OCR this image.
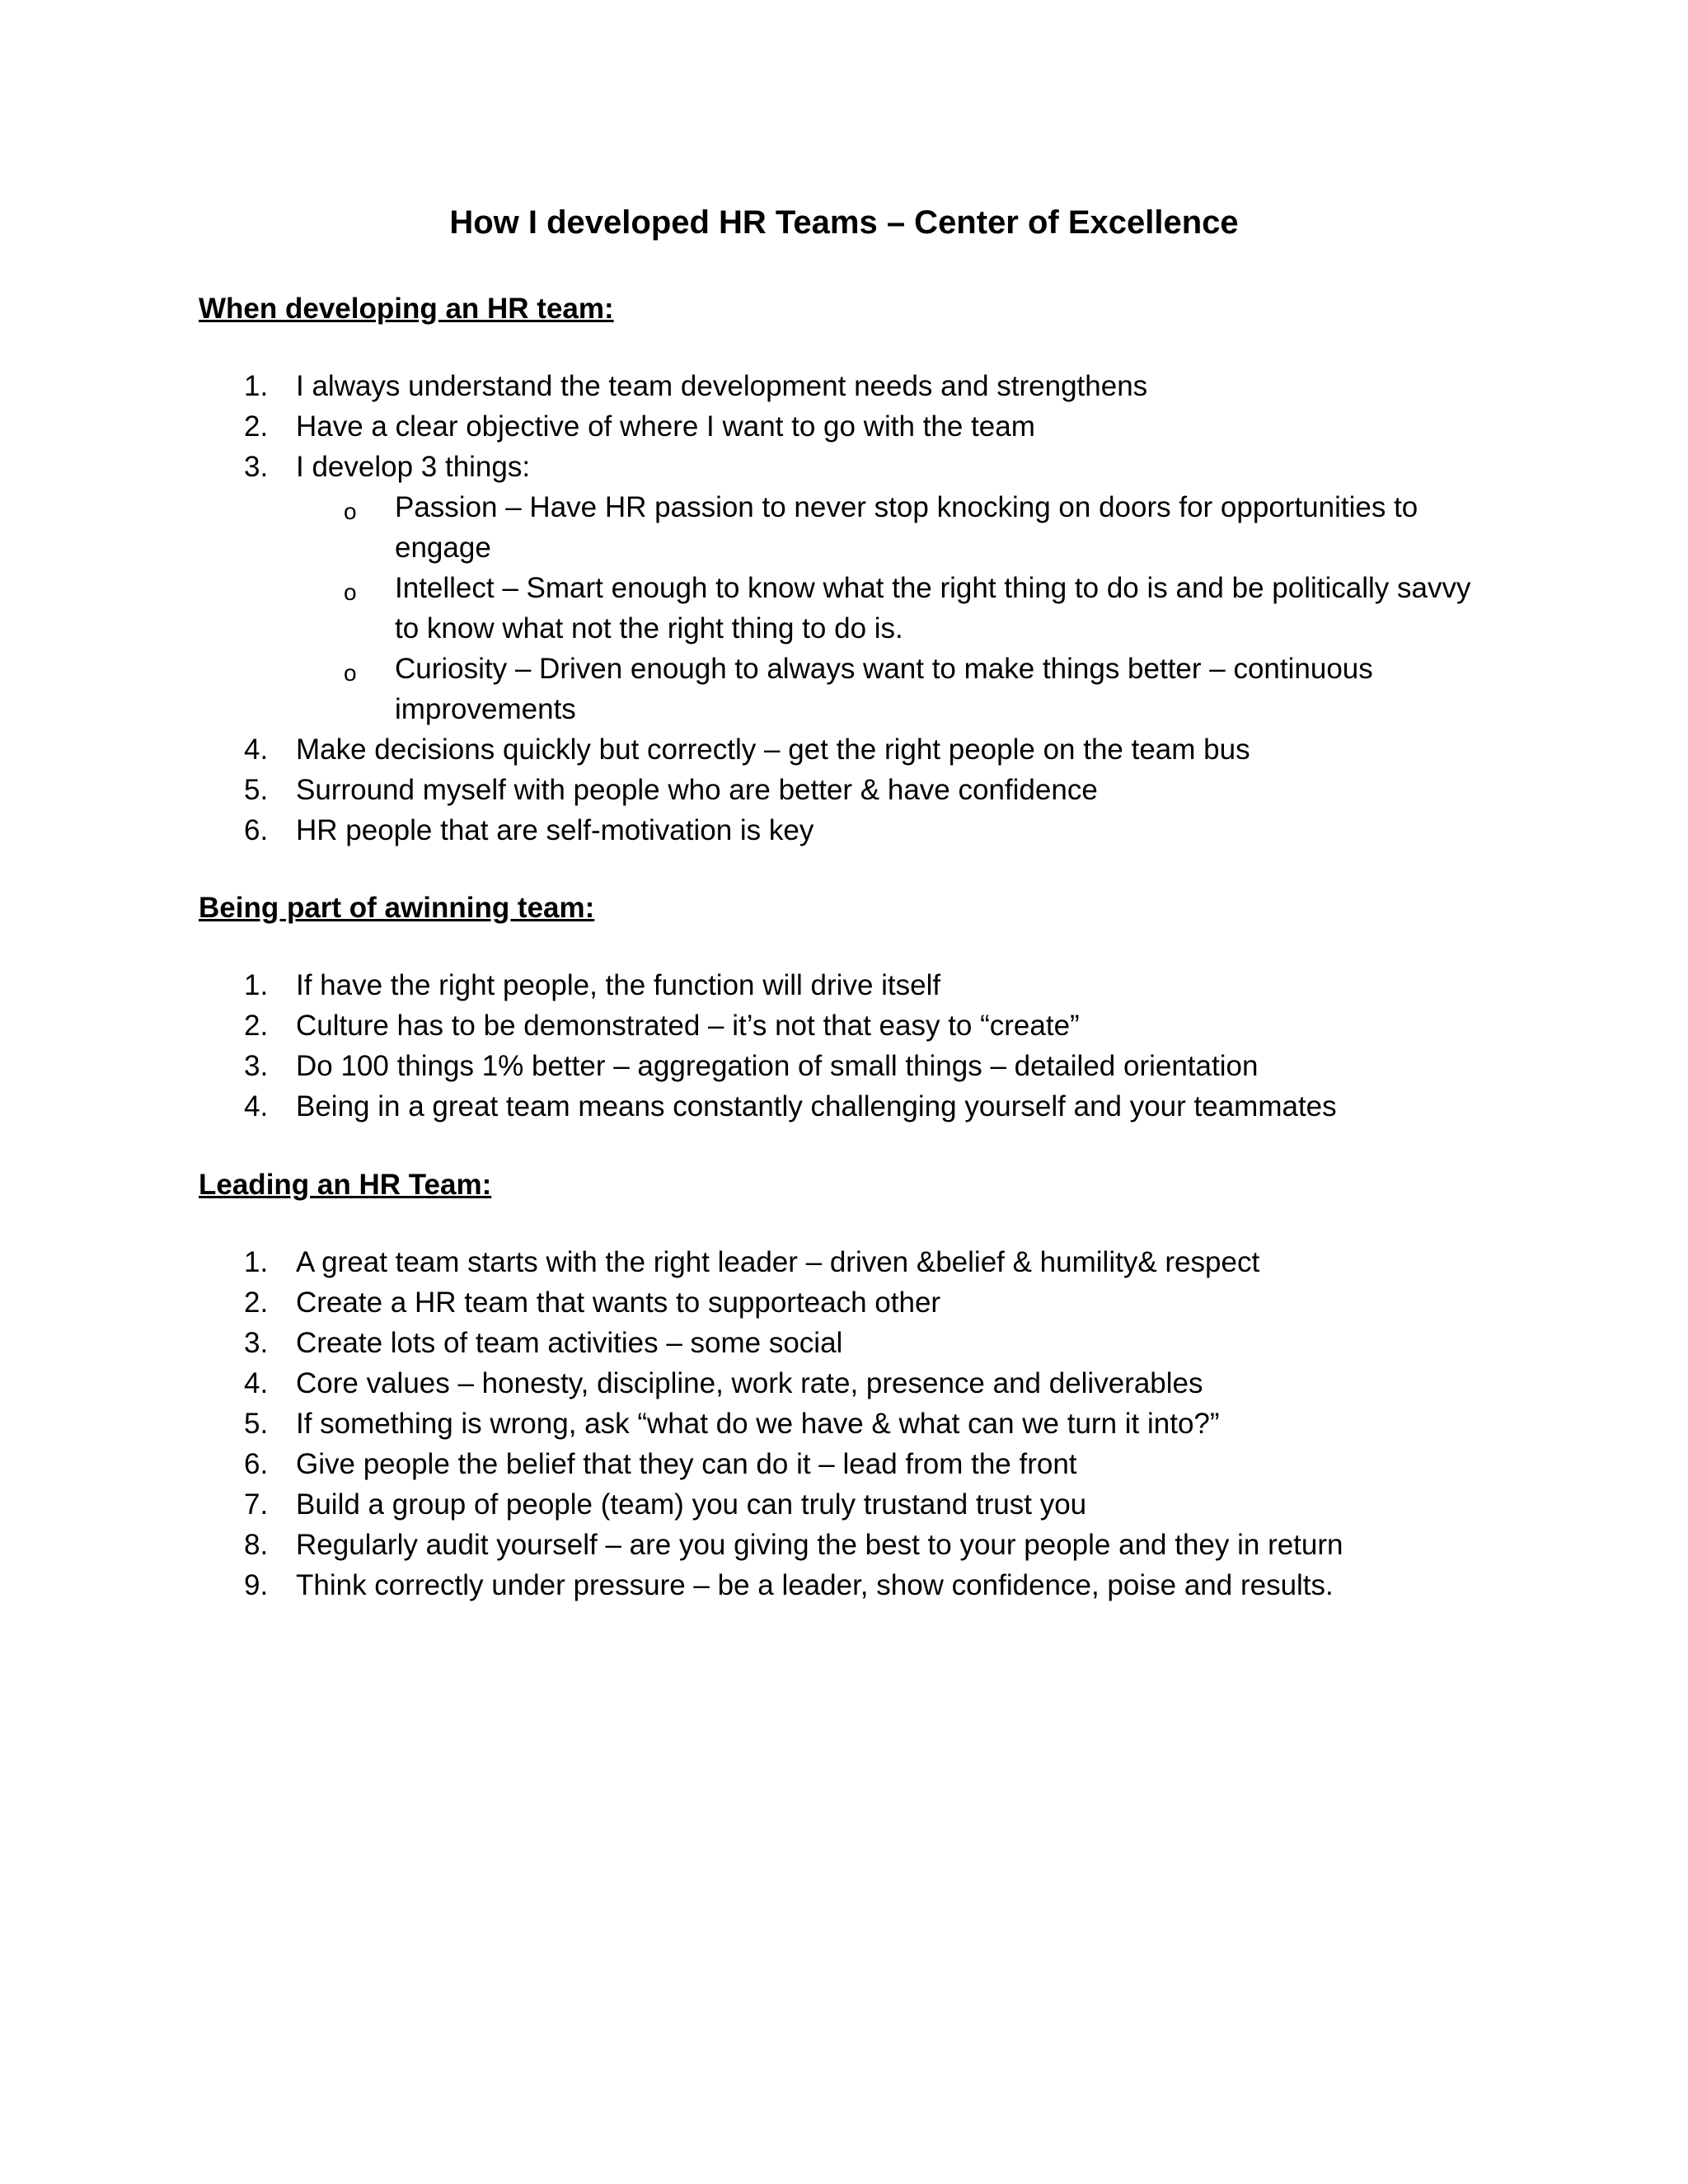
How I developed HR Teams – Center of Excellence
When developing an HR team:
1. I always understand the team development needs and strengthens
2. Have a clear objective of where I want to go with the team
3. I develop 3 things:
o	Passion – Have HR passion to never stop knocking on doors for opportunities to engage
o	Intellect – Smart enough to know what the right thing to do is and be politically savvy to know what not the right thing to do is.
o	Curiosity – Driven enough to always want to make things better – continuous improvements
4. Make decisions quickly but correctly – get the right people on the team bus
5. Surround myself with people who are better & have confidence
6. HR people that are self-motivation is key
Being part of awinning team:
1. If have the right people, the function will drive itself
2. Culture has to be demonstrated – it’s not that easy to “create”
3. Do 100 things 1% better – aggregation of small things – detailed orientation
4. Being in a great team means constantly challenging yourself and your teammates
Leading an HR Team:
1. A great team starts with the right leader – driven &belief & humility& respect
2. Create a HR team that wants to supporteach other
3. Create lots of team activities – some social
4. Core values – honesty, discipline, work rate, presence and deliverables
5. If something is wrong, ask “what do we have & what can we turn it into?”
6. Give people the belief that they can do it – lead from the front
7. Build a group of people (team) you can truly trustand trust you
8. Regularly audit yourself – are you giving the best to your people and they in return
9. Think correctly under pressure – be a leader, show confidence, poise and results.
